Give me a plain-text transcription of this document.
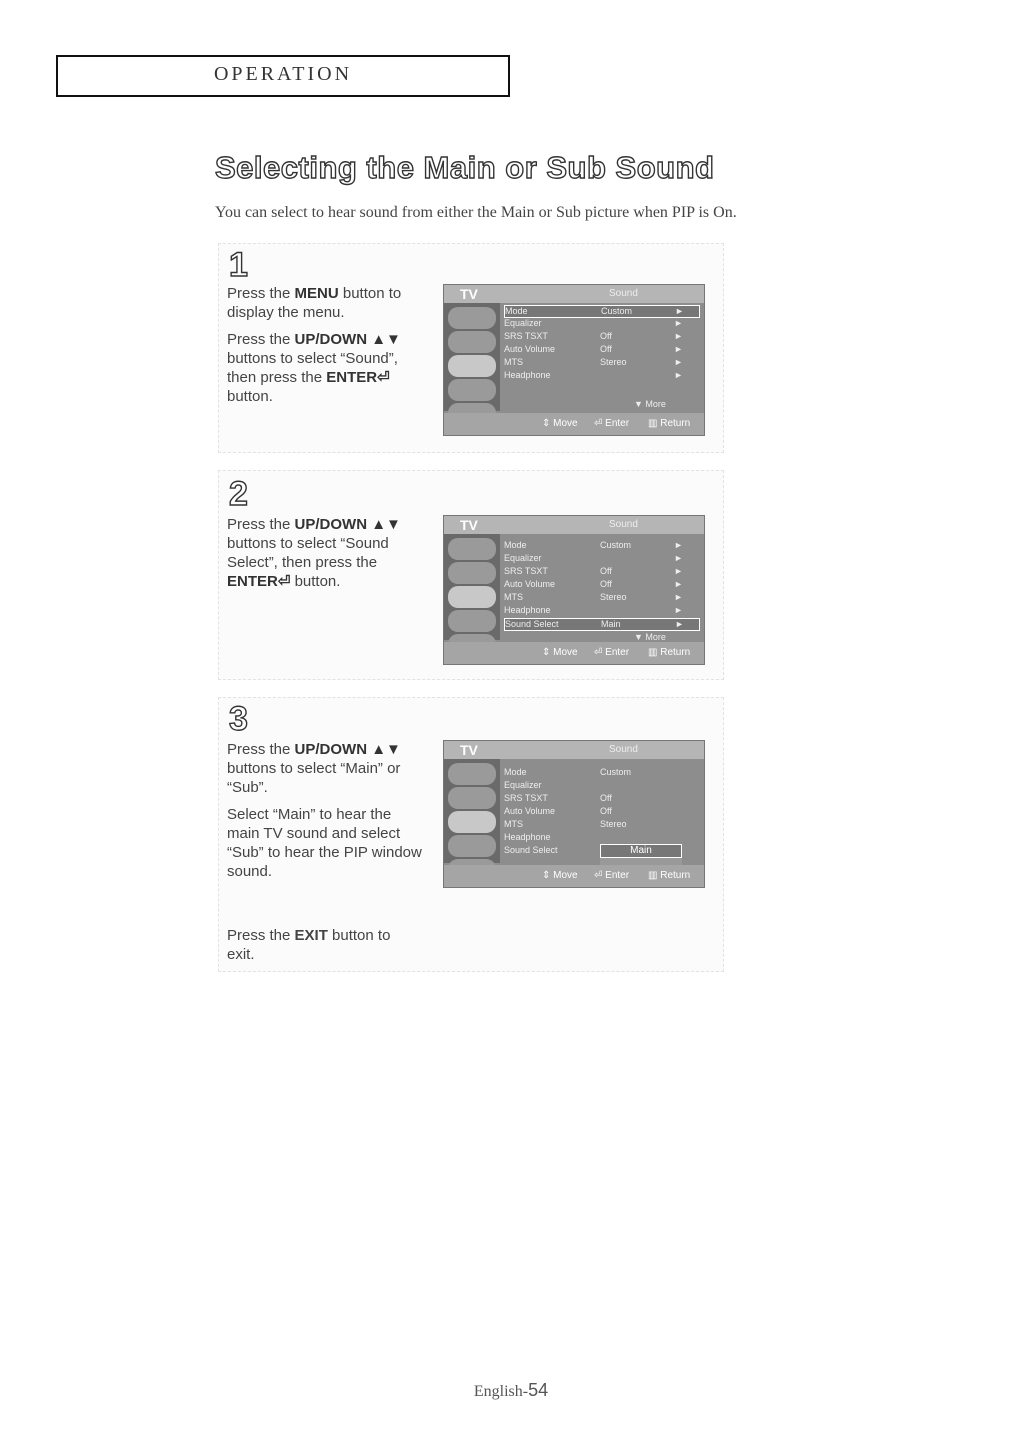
OPERATION
Selecting the Main or Sub Sound
You can select to hear sound from either the Main or Sub picture when PIP is On.
1

Press the MENU button to display the menu.

Press the UP/DOWN ▲▼ buttons to select “Sound”, then press the ENTER⏎ button.

TV	Sound
Mode	Custom	►
Equalizer	►
SRS TSXT	Off	►
Auto Volume	Off	►
MTS	Stereo	►
Headphone	►
▼ More
⇕ Move ⏎ Enter ▥ Return
2

Press the UP/DOWN ▲▼ buttons to select “Sound Select”, then press the ENTER⏎ button.

TV	Sound
Mode	Custom	►
Equalizer	►
SRS TSXT	Off	►
Auto Volume	Off	►
MTS	Stereo	►
Headphone	►
Sound Select	Main	►
▼ More
⇕ Move ⏎ Enter ▥ Return
3

Press the UP/DOWN ▲▼ buttons to select “Main” or “Sub”.

Select “Main” to hear the main TV sound and select “Sub” to hear the PIP window sound.

TV	Sound
Mode	Custom
Equalizer
SRS TSXT	Off
Auto Volume	Off
MTS	Stereo
Headphone
Sound Select	Main
⇕ Move ⏎ Enter ▥ Return
Press the EXIT button to exit.
English-54
